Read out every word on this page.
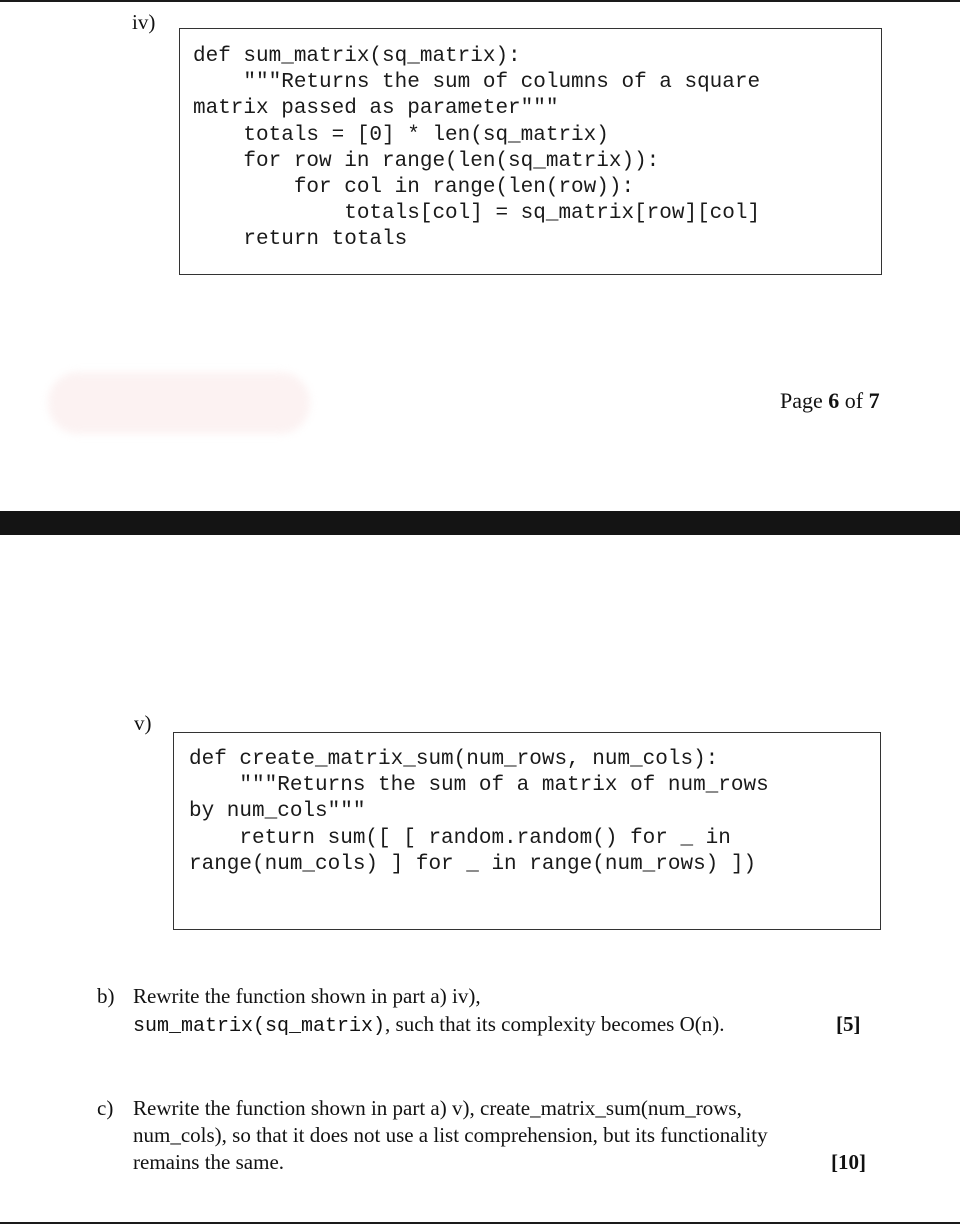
iv)
def sum_matrix(sq_matrix):
"""Returns the sum of columns of a square
matrix passed as parameter"""
totals = [0] * len(sq_matrix)
for row in range(len(sq_matrix)):
for col in range(len(row)):
totals[col] = sq_matrix[row][col]
return totals
Page 6 of 7
v)
def create_matrix_sum(num_rows, num_cols):
"""Returns the sum of a matrix of num_rows
by num_cols"""
return sum([ [ random.random() for _ in
range(num_cols) ] for _ in range(num_rows) ])
b) Rewrite the function shown in part a) iv),
sum_matrix(sq_matrix), such that its complexity becomes O(n).	[5]
c) Rewrite the function shown in part a) v), create_matrix_sum(num_rows,
num_cols), so that it does not use a list comprehension, but its functionality
remains the same.	[10]
